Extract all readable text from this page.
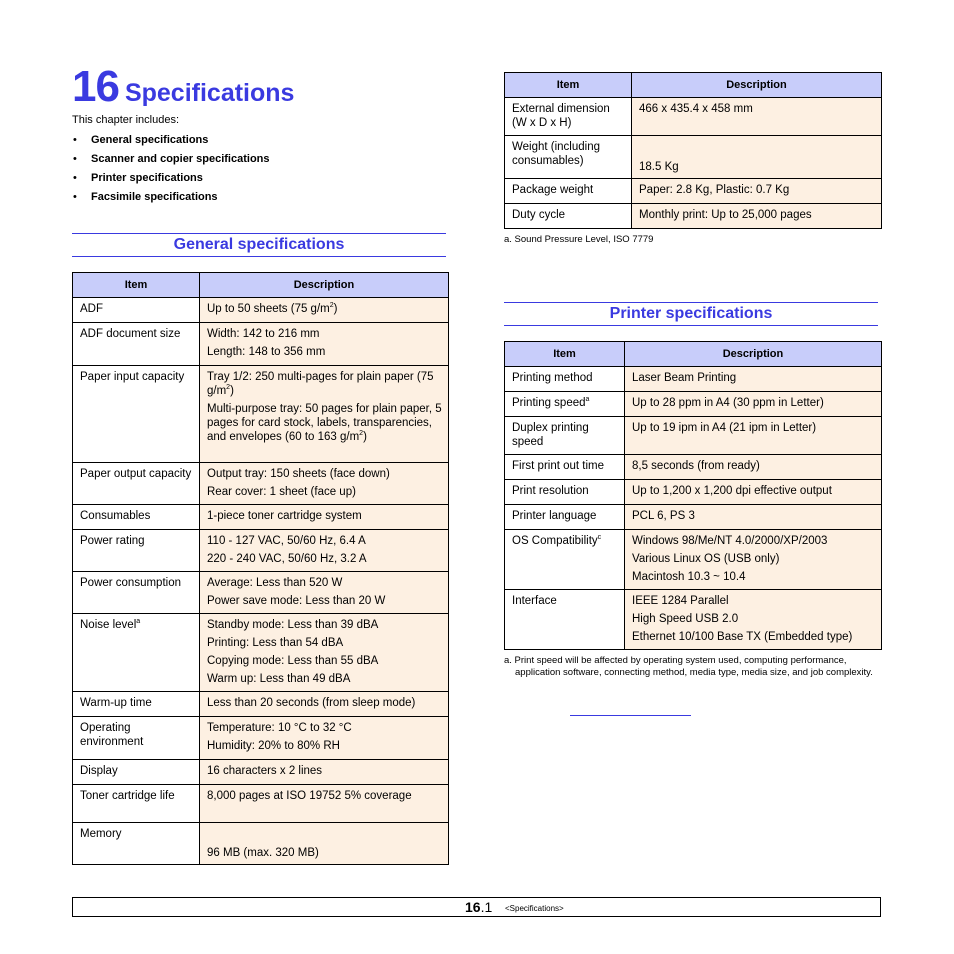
16 Specifications
This chapter includes:
• General specifications
• Scanner and copier specifications
• Printer specifications
• Facsimile specifications
General specifications
Item	Description
ADF	Up to 50 sheets (75 $g/m^2$)
ADF document size	Width: 142 to 216 mm
Length: 148 to 356 mm

Paper input capacity	Tray 1/2: 250 multi-pages for plain paper (75 $g/m^2$)
Multi-purpose tray: 50 pages for plain paper, 5 pages for card stock, labels, transparencies, and envelopes (60 to 163 $g/m^2$)

Paper output capacity	Output tray: 150 sheets (face down)
Rear cover: 1 sheet (face up)

Consumables	1-piece toner cartridge system
Power rating	110 - 127 VAC, 50/60 Hz, 6.4 A
220 - 240 VAC, 50/60 Hz, 3.2 A

Power consumption	Average: Less than 520 W
Power save mode: Less than 20 W

Noise level$^a$	Standby mode: Less than 39 dBA
Printing: Less than 54 dBA
Copying mode: Less than 55 dBA
Warm up: Less than 49 dBA

Warm-up time	Less than 20 seconds (from sleep mode)
Operating environment	Temperature: 10 °C to 32 °C
Humidity: 20% to 80% RH

Display	16 characters x 2 lines
Toner cartridge life	8,000 pages at ISO 19752 5% coverage
Memory	96 MB (max. 320 MB)
Item	Description
External dimension (W x D x H)	466 x 435.4 x 458 mm
Weight (including consumables)	18.5 Kg
Package weight	Paper: 2.8 Kg, Plastic: 0.7 Kg
Duty cycle	Monthly print: Up to 25,000 pages
a. Sound Pressure Level, ISO 7779
Printer specifications
Item	Description
Printing method	Laser Beam Printing
Printing speed$^a$	Up to 28 ppm in A4 (30 ppm in Letter)
Duplex printing speed	Up to 19 ipm in A4 (21 ipm in Letter)
First print out time	8,5 seconds (from ready)
Print resolution	Up to 1,200 x 1,200 dpi effective output
Printer language	PCL 6, PS 3
OS Compatibility$^c$	Windows 98/Me/NT 4.0/2000/XP/2003
Various Linux OS (USB only)
Macintosh 10.3 ~ 10.4

Interface	IEEE 1284 Parallel
High Speed USB 2.0
Ethernet 10/100 Base TX (Embedded type)
a. Print speed will be affected by operating system used, computing performance, application software, connecting method, media type, media size, and job complexity.
16.1 <Specifications>
